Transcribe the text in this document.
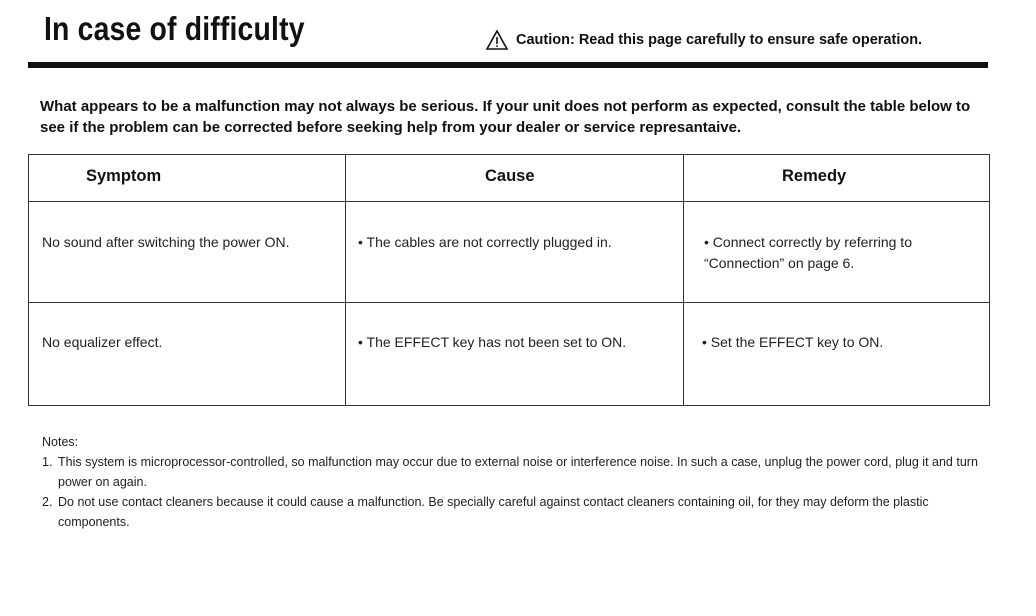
In case of difficulty	Caution: Read this page carefully to ensure safe operation.
What appears to be a malfunction may not always be serious. If your unit does not perform as expected, consult the table below to see if the problem can be corrected before seeking help from your dealer or service represantaive.
Symptom	Cause	Remedy
No sound after switching the power ON.	• The cables are not correctly plugged in.	• Connect correctly by referring to “Connection” on page 6.
No equalizer effect.	• The EFFECT key has not been set to ON.	• Set the EFFECT key to ON.
Notes:
1. This system is microprocessor-controlled, so malfunction may occur due to external noise or interference noise. In such a case, unplug the power cord, plug it and turn power on again.
2. Do not use contact cleaners because it could cause a malfunction. Be specially careful against contact cleaners containing oil, for they may deform the plastic components.
